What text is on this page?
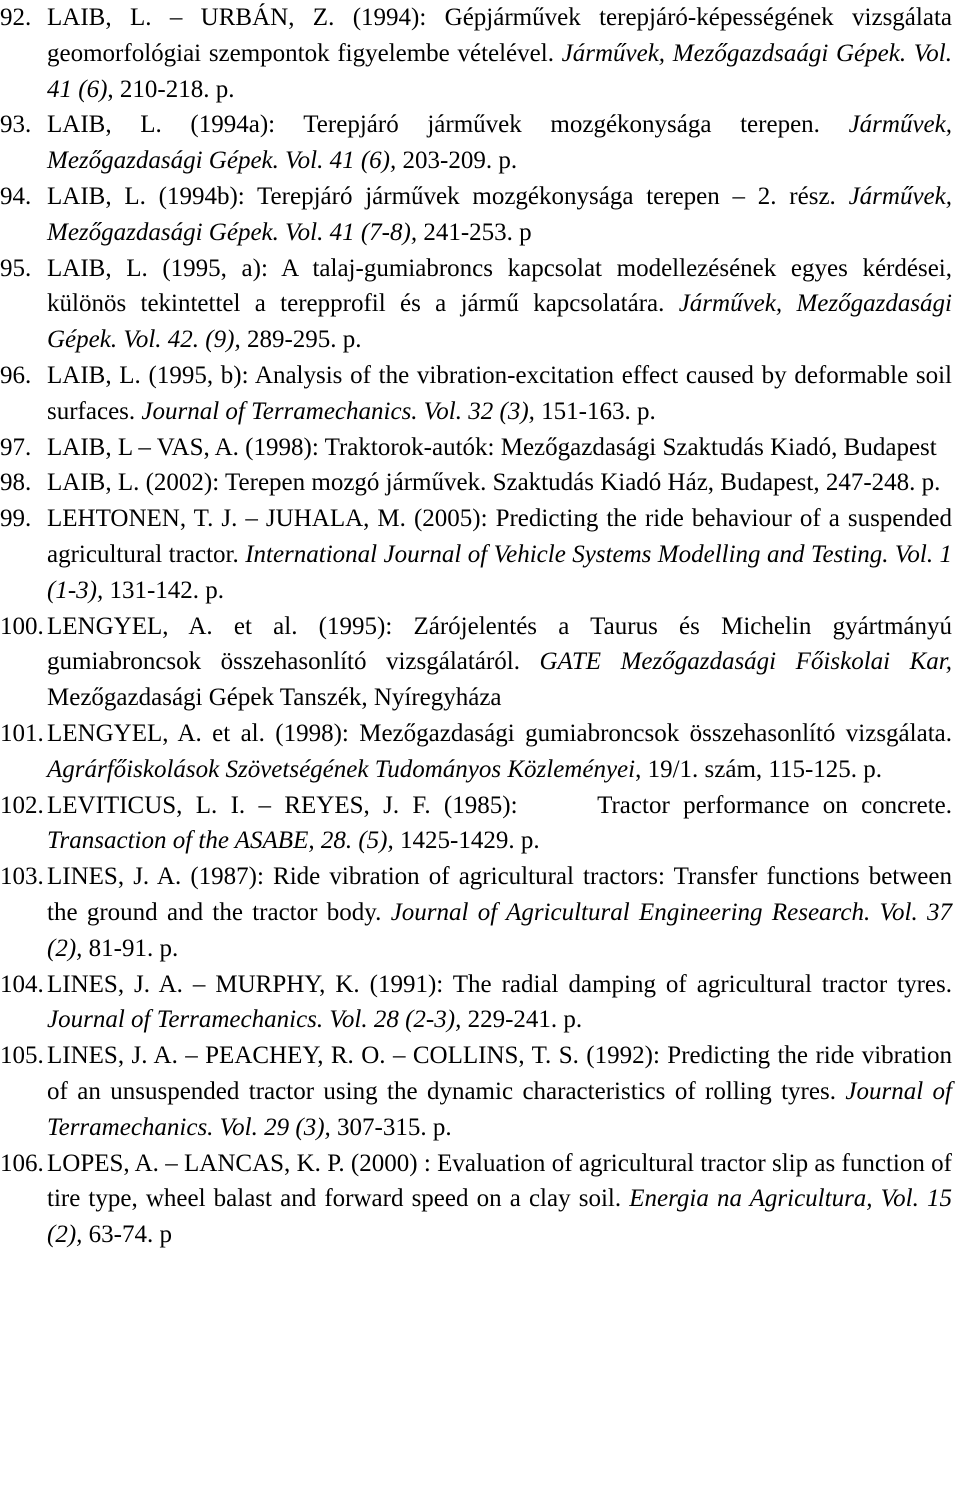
92. LAIB, L. – URBÁN, Z. (1994): Gépjárművek terepjáró-képességének vizsgálata geomorfológiai szempontok figyelembe vételével. Járművek, Mezőgazdsaági Gépek. Vol. 41 (6), 210-218. p.
93. LAIB, L. (1994a): Terepjáró járművek mozgékonysága terepen. Járművek, Mezőgazdasági Gépek. Vol. 41 (6), 203-209. p.
94. LAIB, L. (1994b): Terepjáró járművek mozgékonysága terepen – 2. rész. Járművek, Mezőgazdasági Gépek. Vol. 41 (7-8), 241-253. p
95. LAIB, L. (1995, a): A talaj-gumiabroncs kapcsolat modellezésének egyes kérdései, különös tekintettel a terepprofil és a jármű kapcsolatára. Járművek, Mezőgazdasági Gépek. Vol. 42. (9), 289-295. p.
96. LAIB, L. (1995, b): Analysis of the vibration-excitation effect caused by deformable soil surfaces. Journal of Terramechanics. Vol. 32 (3), 151-163. p.
97. LAIB, L – VAS, A. (1998): Traktorok-autók: Mezőgazdasági Szaktudás Kiadó, Budapest
98. LAIB, L. (2002): Terepen mozgó járművek. Szaktudás Kiadó Ház, Budapest, 247-248. p.
99. LEHTONEN, T. J. – JUHALA, M. (2005): Predicting the ride behaviour of a suspended agricultural tractor. International Journal of Vehicle Systems Modelling and Testing. Vol. 1 (1-3), 131-142. p.
100. LENGYEL, A. et al. (1995): Zárójelentés a Taurus és Michelin gyártmányú gumiabroncsok összehasonlító vizsgálatáról. GATE Mezőgazdasági Főiskolai Kar, Mezőgazdasági Gépek Tanszék, Nyíregyháza
101. LENGYEL, A. et al. (1998): Mezőgazdasági gumiabroncsok összehasonlító vizsgálata. Agrárfőiskolások Szövetségének Tudományos Közleményei, 19/1. szám, 115-125. p.
102. LEVITICUS, L. I. – REYES, J. F. (1985):      Tractor performance on concrete. Transaction of the ASABE, 28. (5), 1425-1429. p.
103. LINES, J. A. (1987): Ride vibration of agricultural tractors: Transfer functions between the ground and the tractor body. Journal of Agricultural Engineering Research. Vol. 37 (2), 81-91. p.
104. LINES, J. A. – MURPHY, K. (1991): The radial damping of agricultural tractor tyres. Journal of Terramechanics. Vol. 28 (2-3), 229-241. p.
105. LINES, J. A. – PEACHEY, R. O. – COLLINS, T. S. (1992): Predicting the ride vibration of an unsuspended tractor using the dynamic characteristics of rolling tyres. Journal of Terramechanics. Vol. 29 (3), 307-315. p.
106. LOPES, A. – LANCAS, K. P. (2000) : Evaluation of agricultural tractor slip as function of tire type, wheel balast and forward speed on a clay soil. Energia na Agricultura, Vol. 15 (2), 63-74. p
